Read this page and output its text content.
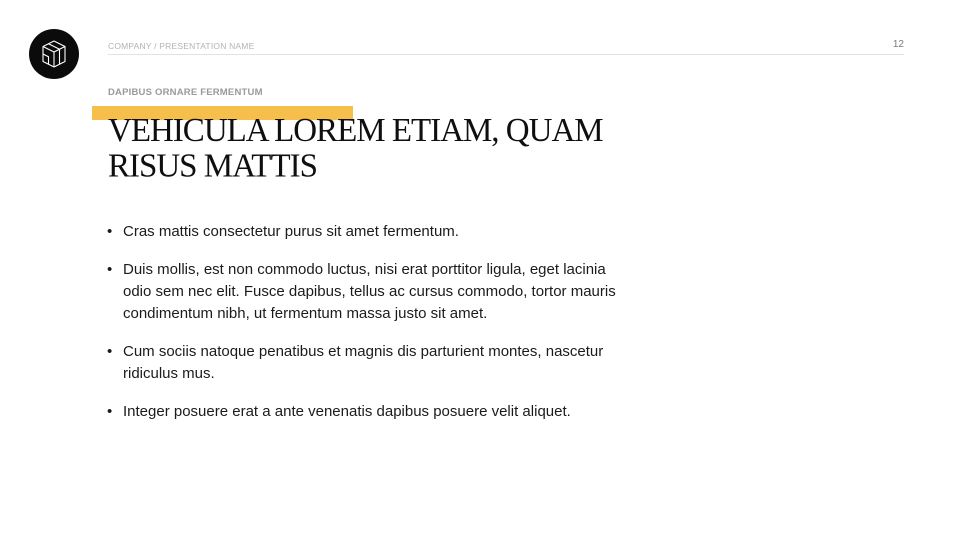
COMPANY / PRESENTATION NAME	12
DAPIBUS ORNARE FERMENTUM
VEHICULA LOREM ETIAM, QUAM RISUS MATTIS
• Cras mattis consectetur purus sit amet fermentum.
• Duis mollis, est non commodo luctus, nisi erat porttitor ligula, eget lacinia odio sem nec elit. Fusce dapibus, tellus ac cursus commodo, tortor mauris condimentum nibh, ut fermentum massa justo sit amet.
• Cum sociis natoque penatibus et magnis dis parturient montes, nascetur ridiculus mus.
• Integer posuere erat a ante venenatis dapibus posuere velit aliquet.
